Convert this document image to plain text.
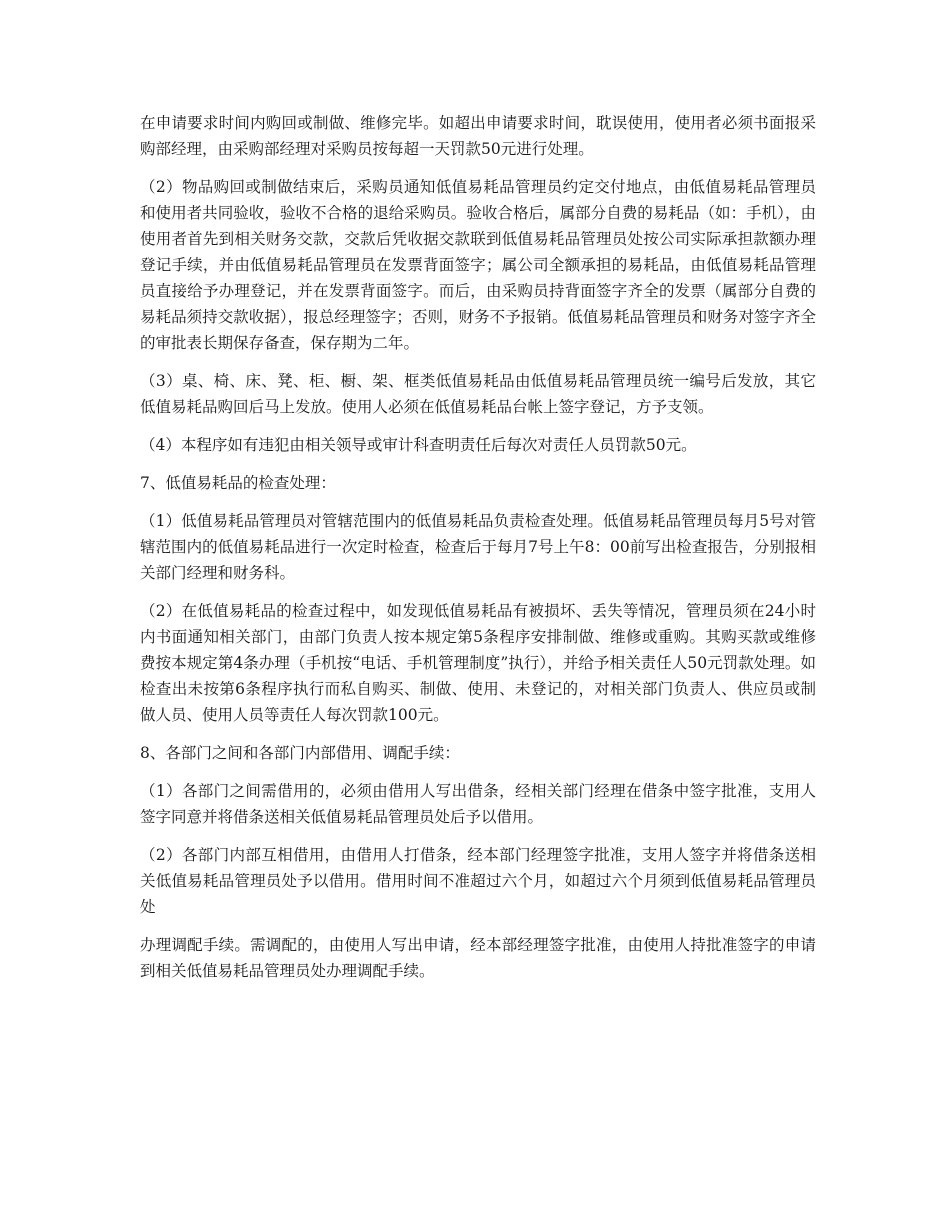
在申请要求时间内购回或制做、维修完毕。如超出申请要求时间，耽误使用，使用者必须书面报采购部经理，由采购部经理对采购员按每超一天罚款50元进行处理。

（2）物品购回或制做结束后，采购员通知低值易耗品管理员约定交付地点，由低值易耗品管理员和使用者共同验收，验收不合格的退给采购员。验收合格后，属部分自费的易耗品（如：手机），由使用者首先到相关财务交款，交款后凭收据交款联到低值易耗品管理员处按公司实际承担款额办理登记手续，并由低值易耗品管理员在发票背面签字；属公司全额承担的易耗品，由低值易耗品管理员直接给予办理登记，并在发票背面签字。而后，由采购员持背面签字齐全的发票（属部分自费的易耗品须持交款收据），报总经理签字；否则，财务不予报销。低值易耗品管理员和财务对签字齐全的审批表长期保存备查，保存期为二年。

（3）桌、椅、床、凳、柜、橱、架、框类低值易耗品由低值易耗品管理员统一编号后发放，其它低值易耗品购回后马上发放。使用人必须在低值易耗品台帐上签字登记，方予支领。

（4）本程序如有违犯由相关领导或审计科查明责任后每次对责任人员罚款50元。

7、低值易耗品的检查处理：

（1）低值易耗品管理员对管辖范围内的低值易耗品负责检查处理。低值易耗品管理员每月5号对管辖范围内的低值易耗品进行一次定时检查，检查后于每月7号上午8：00前写出检查报告，分别报相关部门经理和财务科。

（2）在低值易耗品的检查过程中，如发现低值易耗品有被损坏、丢失等情况，管理员须在24小时内书面通知相关部门，由部门负责人按本规定第5条程序安排制做、维修或重购。其购买款或维修费按本规定第4条办理（手机按“电话、手机管理制度”执行），并给予相关责任人50元罚款处理。如检查出未按第6条程序执行而私自购买、制做、使用、未登记的，对相关部门负责人、供应员或制做人员、使用人员等责任人每次罚款100元。

8、各部门之间和各部门内部借用、调配手续：

（1）各部门之间需借用的，必须由借用人写出借条，经相关部门经理在借条中签字批准，支用人签字同意并将借条送相关低值易耗品管理员处后予以借用。

（2）各部门内部互相借用，由借用人打借条，经本部门经理签字批准，支用人签字并将借条送相关低值易耗品管理员处予以借用。借用时间不准超过六个月，如超过六个月须到低值易耗品管理员处

办理调配手续。需调配的，由使用人写出申请，经本部经理签字批准，由使用人持批准签字的申请到相关低值易耗品管理员处办理调配手续。
